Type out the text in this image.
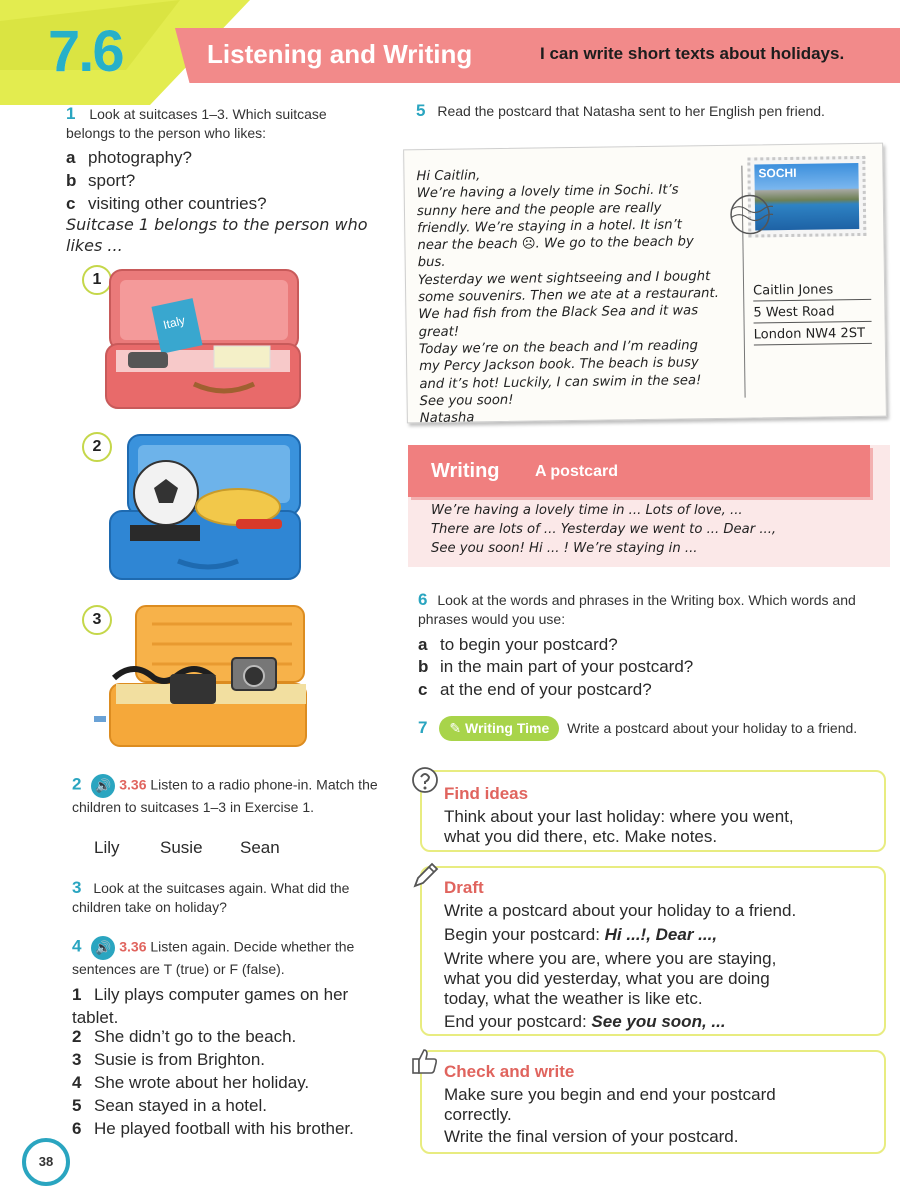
7.6	Listening and Writing	I can write short texts about holidays.
1 Look at suitcases 1–3. Which suitcase belongs to the person who likes:
a photography?
b sport?
c visiting other countries?
Suitcase 1 belongs to the person who likes ...
1
Italy
2
3
2 🔊 3.36 Listen to a radio phone-in. Match the children to suitcases 1–3 in Exercise 1.
Lily Susie Sean
3 Look at the suitcases again. What did the children take on holiday?
4 🔊 3.36 Listen again. Decide whether the sentences are T (true) or F (false).
1 Lily plays computer games on her tablet.
2 She didn’t go to the beach.
3 Susie is from Brighton.
4 She wrote about her holiday.
5 Sean stayed in a hotel.
6 He played football with his brother.
5 Read the postcard that Natasha sent to her English pen friend.
Hi Caitlin,
We’re having a lovely time in Sochi. It’s
sunny here and the people are really
friendly. We’re staying in a hotel. It isn’t
near the beach ☹. We go to the beach by
bus.
Yesterday we went sightseeing and I bought
some souvenirs. Then we ate at a restaurant.
We had fish from the Black Sea and it was
great!
Today we’re on the beach and I’m reading
my Percy Jackson book. The beach is busy
and it’s hot! Luckily, I can swim in the sea!
See you soon!
Natasha
SOCHI
Caitlin Jones
5 West Road
London NW4 2ST
Writing A postcard
We’re having a lovely time in ... Lots of love, ...
There are lots of ... Yesterday we went to ... Dear ...,
See you soon! Hi ... ! We’re staying in ...
6 Look at the words and phrases in the Writing box. Which words and phrases would you use:
a to begin your postcard?
b in the main part of your postcard?
c at the end of your postcard?
7 ✎ Writing Time Write a postcard about your holiday to a friend.
Find ideas
Think about your last holiday: where you went,
what you did there, etc. Make notes.
Draft
Write a postcard about your holiday to a friend.
Begin your postcard: Hi ...!, Dear ...,
Write where you are, where you are staying,
what you did yesterday, what you are doing
today, what the weather is like etc.
End your postcard: See you soon, ...
Check and write
Make sure you begin and end your postcard
correctly.
Write the final version of your postcard.
38
